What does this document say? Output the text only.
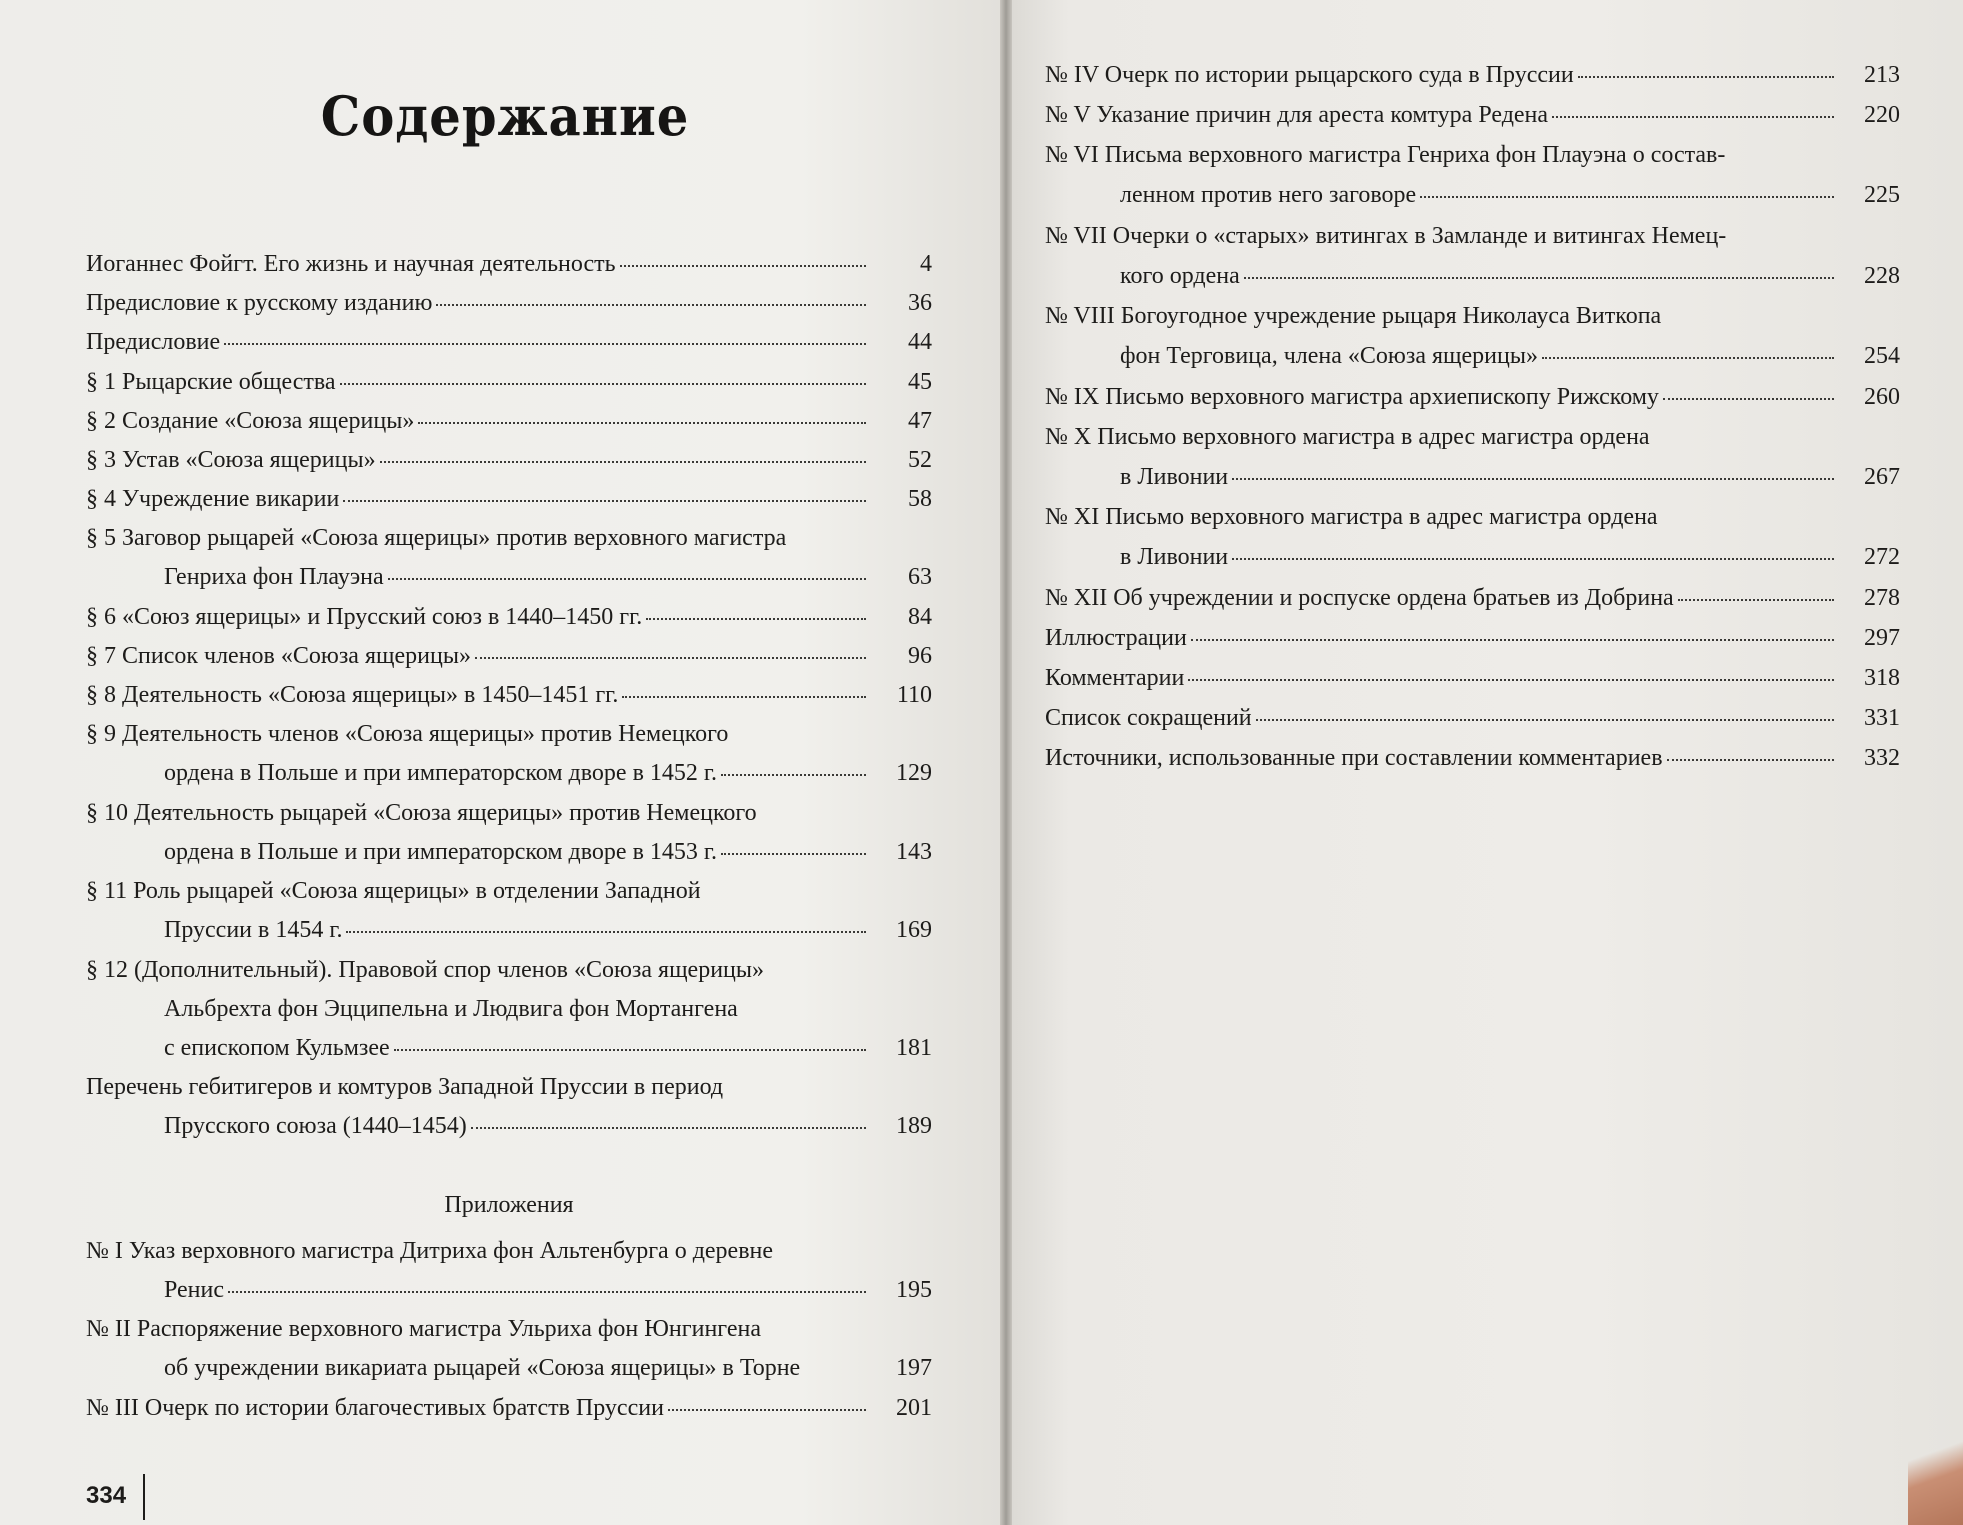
Содержание
Иоганнес Фойгт. Его жизнь и научная деятельность	4
Предисловие к русскому изданию	36
Предисловие	44
§ 1 Рыцарские общества	45
§ 2 Создание «Союза ящерицы»	47
§ 3 Устав «Союза ящерицы»	52
§ 4 Учреждение викарии	58
§ 5 Заговор рыцарей «Союза ящерицы» против верховного магистра
Генриха фон Плауэна	63
§ 6 «Союз ящерицы» и Прусский союз в 1440–1450 гг.	84
§ 7 Список членов «Союза ящерицы»	96
§ 8 Деятельность «Союза ящерицы» в 1450–1451 гг.	110
§ 9 Деятельность членов «Союза ящерицы» против Немецкого
ордена в Польше и при императорском дворе в 1452 г.	129
§ 10 Деятельность рыцарей «Союза ящерицы» против Немецкого
ордена в Польше и при императорском дворе в 1453 г.	143
§ 11 Роль рыцарей «Союза ящерицы» в отделении Западной
Пруссии в 1454 г.	169
§ 12 (Дополнительный). Правовой спор членов «Союза ящерицы»
Альбрехта фон Эцципельна и Людвига фон Мортангена
с епископом Кульмзее	181
Перечень гебитигеров и комтуров Западной Пруссии в период
Прусского союза (1440–1454)	189
Приложения
№ I Указ верховного магистра Дитриха фон Альтенбурга о деревне
Ренис	195
№ II Распоряжение верховного магистра Ульриха фон Юнгингена
об учреждении викариата рыцарей «Союза ящерицы» в Торне	197
№ III Очерк по истории благочестивых братств Пруссии	201
№ IV Очерк по истории рыцарского суда в Пруссии	213
№ V Указание причин для ареста комтура Редена	220
№ VI Письма верховного магистра Генриха фон Плауэна о состав-
ленном против него заговоре	225
№ VII Очерки о «старых» витингах в Замланде и витингах Немец-
кого ордена	228
№ VIII Богоугодное учреждение рыцаря Николауса Виткопа
фон Терговица, члена «Союза ящерицы»	254
№ IX Письмо верховного магистра архиепископу Рижскому	260
№ X Письмо верховного магистра в адрес магистра ордена
в Ливонии	267
№ XI Письмо верховного магистра в адрес магистра ордена
в Ливонии	272
№ XII Об учреждении и роспуске ордена братьев из Добрина	278
Иллюстрации	297
Комментарии	318
Список сокращений	331
Источники, использованные при составлении комментариев	332
334
